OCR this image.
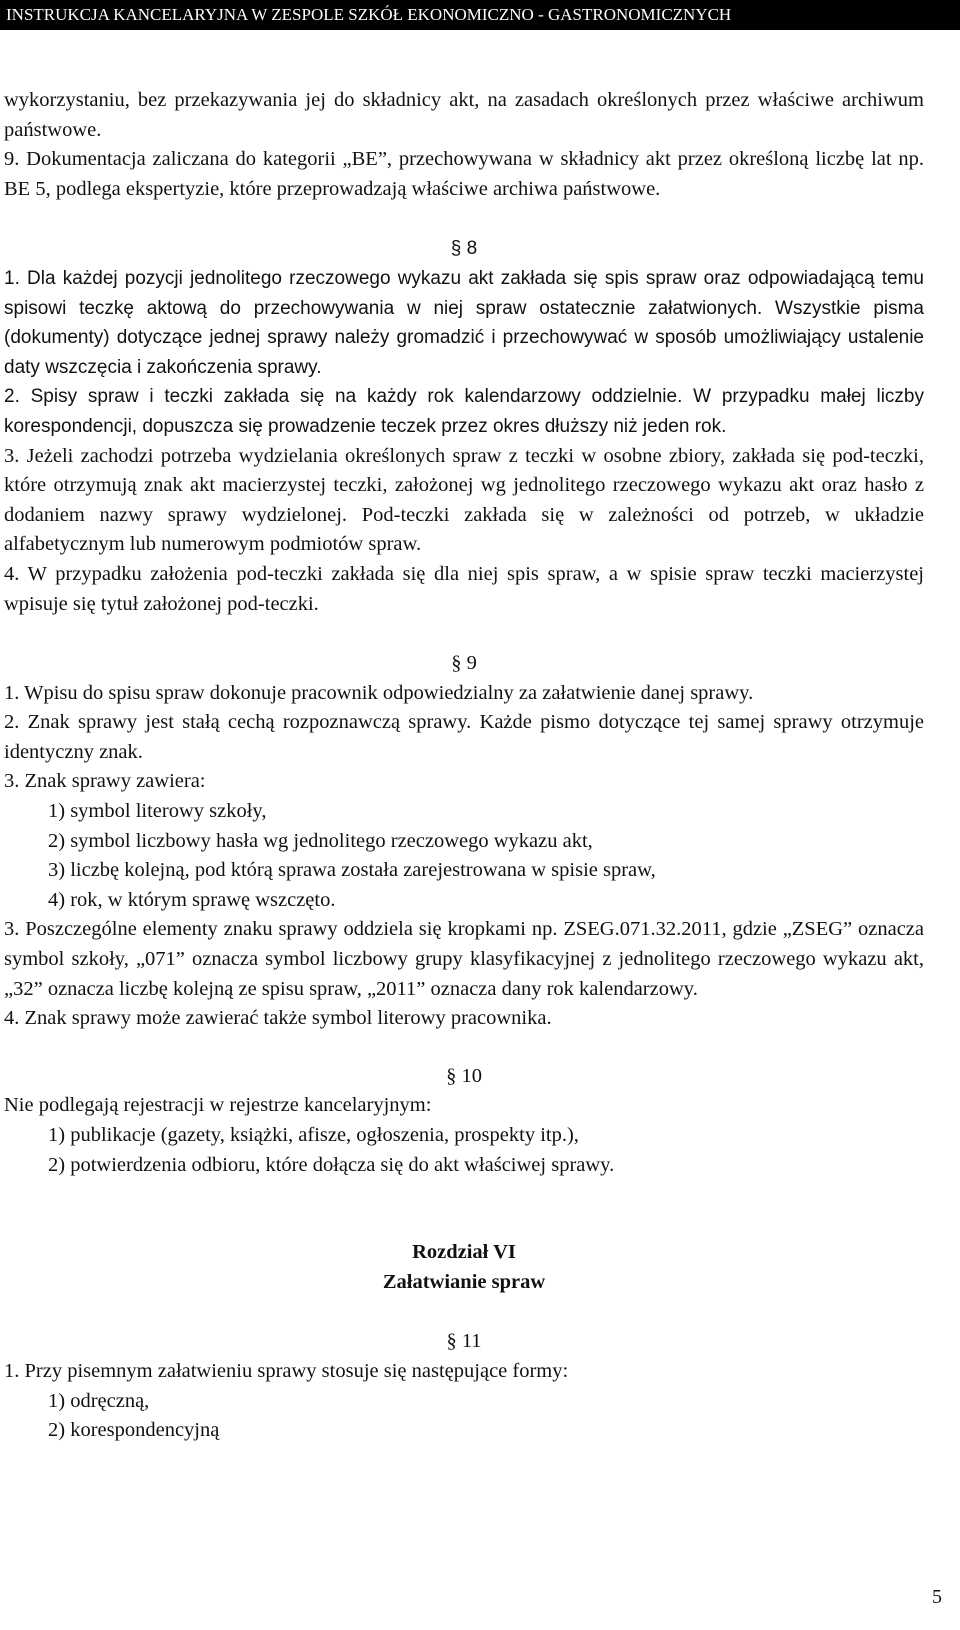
INSTRUKCJA KANCELARYJNA W ZESPOLE SZKÓŁ EKONOMICZNO - GASTRONOMICZNYCH

wykorzystaniu, bez przekazywania jej do składnicy akt, na zasadach określonych przez właściwe archiwum państwowe.

9. Dokumentacja zaliczana do kategorii „BE”, przechowywana w składnicy akt przez określoną liczbę lat np. BE 5, podlega ekspertyzie, które przeprowadzają właściwe archiwa państwowe.

§ 8

1. Dla każdej pozycji jednolitego rzeczowego wykazu akt zakłada się spis spraw oraz odpowiadającą temu spisowi teczkę aktową do przechowywania w niej spraw ostatecznie załatwionych. Wszystkie pisma (dokumenty) dotyczące jednej sprawy należy gromadzić i przechowywać w sposób umożliwiający ustalenie daty wszczęcia i zakończenia sprawy.

2. Spisy spraw i teczki zakłada się na każdy rok kalendarzowy oddzielnie. W przypadku małej liczby korespondencji, dopuszcza się prowadzenie teczek przez okres dłuższy niż jeden rok.

3. Jeżeli zachodzi potrzeba wydzielania określonych spraw z teczki w osobne zbiory, zakłada się pod-teczki, które otrzymują znak akt macierzystej teczki, założonej wg jednolitego rzeczowego wykazu akt oraz hasło z dodaniem nazwy sprawy wydzielonej. Pod-teczki zakłada się w zależności od potrzeb, w układzie alfabetycznym lub numerowym podmiotów spraw.

4. W przypadku założenia pod-teczki zakłada się dla niej spis spraw, a w spisie spraw teczki macierzystej wpisuje się tytuł założonej pod-teczki.

§ 9

1. Wpisu do spisu spraw dokonuje pracownik odpowiedzialny za załatwienie danej sprawy.

2. Znak sprawy jest stałą cechą rozpoznawczą sprawy. Każde pismo dotyczące tej samej sprawy otrzymuje identyczny znak.

3. Znak sprawy zawiera:

1) symbol literowy szkoły,

2) symbol liczbowy hasła wg jednolitego rzeczowego wykazu akt,

3) liczbę kolejną, pod którą sprawa została zarejestrowana w spisie spraw,

4) rok, w którym sprawę wszczęto.

3. Poszczególne elementy znaku sprawy oddziela się kropkami np. ZSEG.071.32.2011, gdzie „ZSEG” oznacza symbol szkoły, „071” oznacza symbol liczbowy grupy klasyfikacyjnej z jednolitego rzeczowego wykazu akt, „32” oznacza liczbę kolejną ze spisu spraw, „2011” oznacza dany rok kalendarzowy.

4. Znak sprawy może zawierać także symbol literowy pracownika.

§ 10

Nie podlegają rejestracji w rejestrze kancelaryjnym:

1) publikacje (gazety, książki, afisze, ogłoszenia, prospekty itp.),

2) potwierdzenia odbioru, które dołącza się do akt właściwej sprawy.

Rozdział VI

Załatwianie spraw

§ 11

1. Przy pisemnym załatwieniu sprawy stosuje się następujące formy:

1) odręczną,

2) korespondencyjną

5
